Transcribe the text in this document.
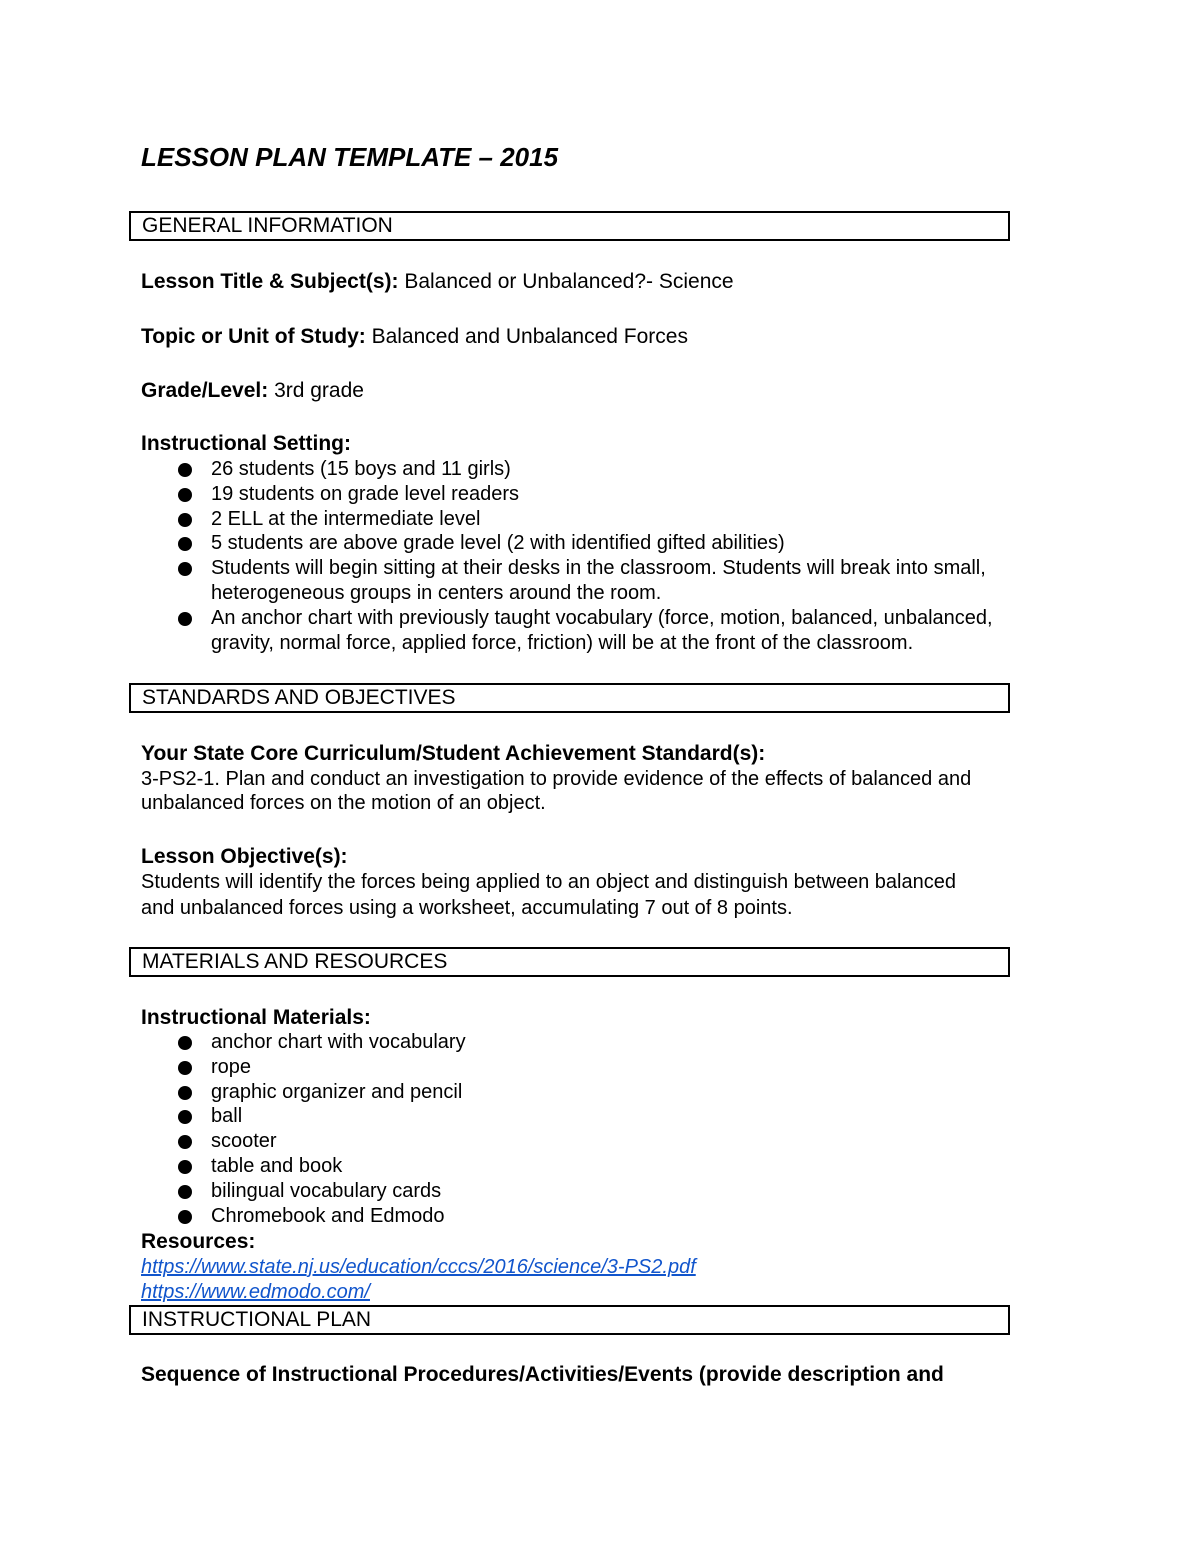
LESSON PLAN TEMPLATE – 2015
GENERAL INFORMATION
Lesson Title & Subject(s): Balanced or Unbalanced?- Science
Topic or Unit of Study: Balanced and Unbalanced Forces
Grade/Level: 3rd grade
Instructional Setting:
26 students (15 boys and 11 girls)
19 students on grade level readers
2 ELL at the intermediate level
5 students are above grade level (2 with identified gifted abilities)
Students will begin sitting at their desks in the classroom. Students will break into small,
heterogeneous groups in centers around the room.
An anchor chart with previously taught vocabulary (force, motion, balanced, unbalanced,
gravity, normal force, applied force, friction) will be at the front of the classroom.
STANDARDS AND OBJECTIVES
Your State Core Curriculum/Student Achievement Standard(s):
3-PS2-1. Plan and conduct an investigation to provide evidence of the effects of balanced and
unbalanced forces on the motion of an object.
Lesson Objective(s):
Students will identify the forces being applied to an object and distinguish between balanced
and unbalanced forces using a worksheet, accumulating 7 out of 8 points.
MATERIALS AND RESOURCES
Instructional Materials:
anchor chart with vocabulary
rope
graphic organizer and pencil
ball
scooter
table and book
bilingual vocabulary cards
Chromebook and Edmodo
Resources:
https://www.state.nj.us/education/cccs/2016/science/3-PS2.pdf
https://www.edmodo.com/
INSTRUCTIONAL PLAN
Sequence of Instructional Procedures/Activities/Events (provide description and
